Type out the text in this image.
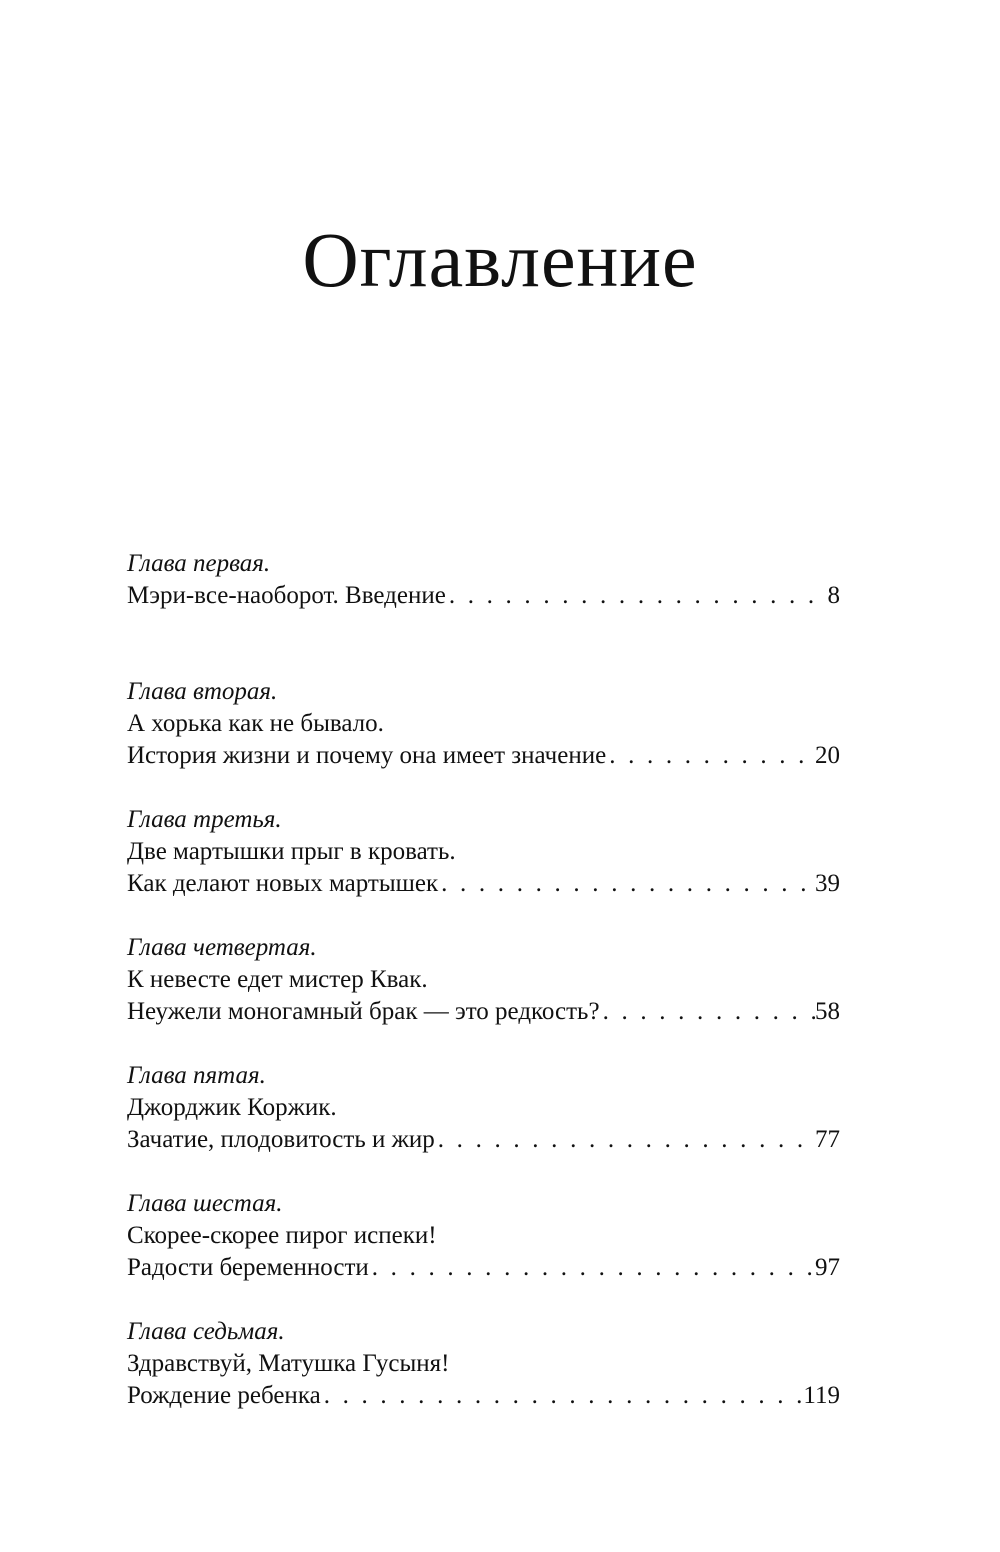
Оглавление
Глава первая.
Мэри-все-наоборот. Введение . . .	8
Глава вторая.
А хорька как не бывало.
История жизни и почему она имеет значение . . .	20
Глава третья.
Две мартышки прыг в кровать.
Как делают новых мартышек . . .	39
Глава четвертая.
К невесте едет мистер Квак.
Неужели моногамный брак — это редкость? . . .	58
Глава пятая.
Джорджик Коржик.
Зачатие, плодовитость и жир . . .	77
Глава шестая.
Скорее-скорее пирог испеки!
Радости беременности . . .	97
Глава седьмая.
Здравствуй, Матушка Гусыня!
Рождение ребенка . . .	119
